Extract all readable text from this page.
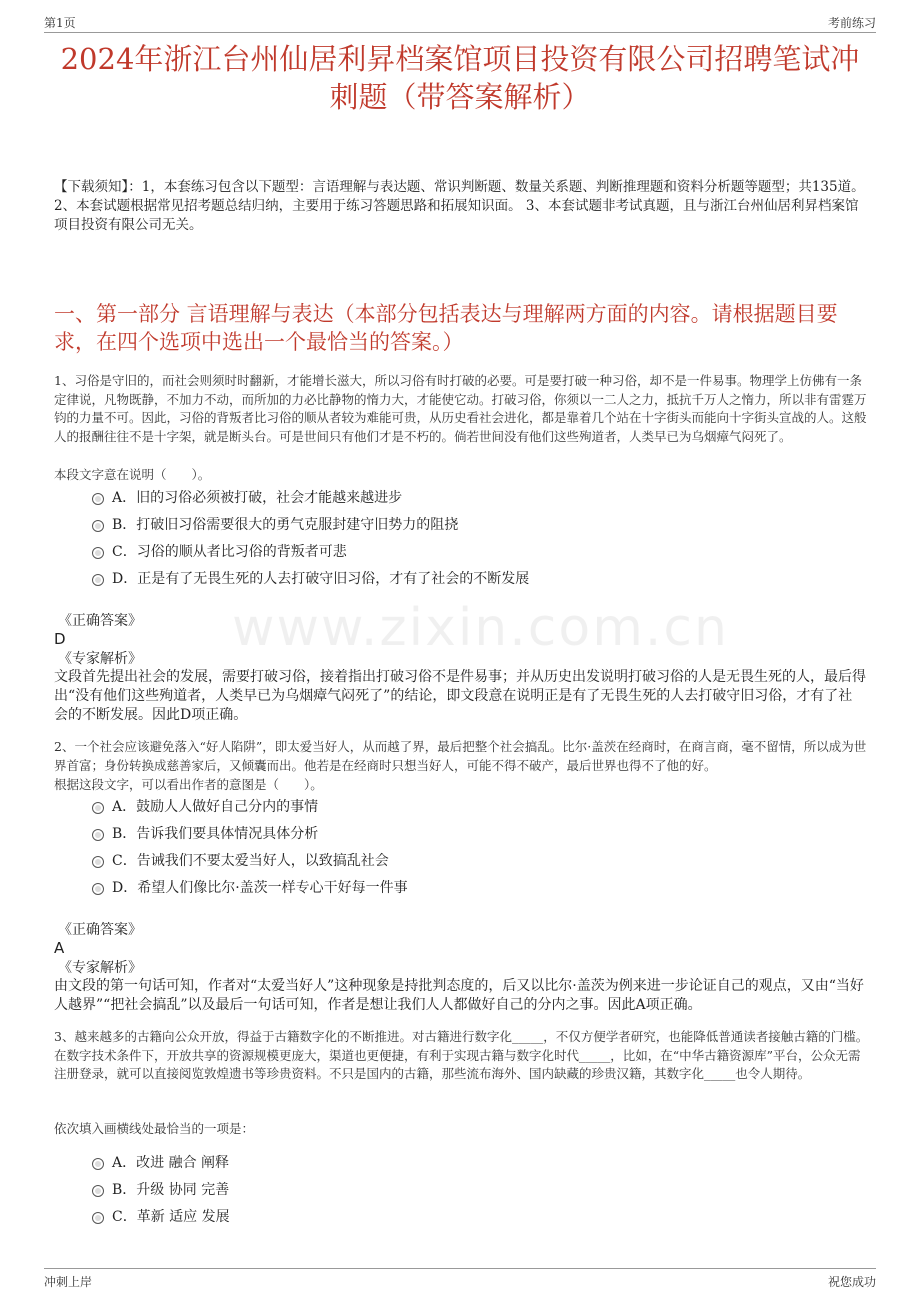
第1页	考前练习
2024年浙江台州仙居利昇档案馆项目投资有限公司招聘笔试冲刺题（带答案解析）
【下载须知】：1，本套练习包含以下题型：言语理解与表达题、常识判断题、数量关系题、判断推理题和资料分析题等题型；共135道。 2、本套试题根据常见招考题总结归纳，主要用于练习答题思路和拓展知识面。 3、本套试题非考试真题，且与浙江台州仙居利昇档案馆项目投资有限公司无关。
一、第一部分 言语理解与表达（本部分包括表达与理解两方面的内容。请根据题目要求，在四个选项中选出一个最恰当的答案。）
1、习俗是守旧的，而社会则须时时翻新，才能增长滋大，所以习俗有时打破的必要。可是要打破一种习俗，却不是一件易事。物理学上仿佛有一条定律说，凡物既静，不加力不动，而所加的力必比静物的惰力大，才能使它动。打破习俗，你须以一二人之力，抵抗千万人之惰力，所以非有雷霆万钧的力量不可。因此，习俗的背叛者比习俗的顺从者较为难能可贵，从历史看社会进化，都是靠着几个站在十字街头而能向十字街头宣战的人。这般人的报酬往往不是十字架，就是断头台。可是世间只有他们才是不朽的。倘若世间没有他们这些殉道者，人类早已为乌烟瘴气闷死了。
本段文字意在说明（　　）。
A．旧的习俗必须被打破，社会才能越来越进步
B．打破旧习俗需要很大的勇气克服封建守旧势力的阻挠
C．习俗的顺从者比习俗的背叛者可悲
D．正是有了无畏生死的人去打破守旧习俗，才有了社会的不断发展
《正确答案》
D
《专家解析》
文段首先提出社会的发展，需要打破习俗，接着指出打破习俗不是件易事；并从历史出发说明打破习俗的人是无畏生死的人，最后得出“没有他们这些殉道者，人类早已为乌烟瘴气闷死了”的结论，即文段意在说明正是有了无畏生死的人去打破守旧习俗，才有了社会的不断发展。因此D项正确。
2、一个社会应该避免落入“好人陷阱”，即太爱当好人，从而越了界，最后把整个社会搞乱。比尔·盖茨在经商时，在商言商，毫不留情，所以成为世界首富；身份转换成慈善家后，又倾囊而出。他若是在经商时只想当好人，可能不得不破产，最后世界也得不了他的好。
根据这段文字，可以看出作者的意图是（　　）。
A．鼓励人人做好自己分内的事情
B．告诉我们要具体情况具体分析
C．告诫我们不要太爱当好人，以致搞乱社会
D．希望人们像比尔·盖茨一样专心干好每一件事
《正确答案》
A
《专家解析》
由文段的第一句话可知，作者对“太爱当好人”这种现象是持批判态度的，后又以比尔·盖茨为例来进一步论证自己的观点，又由“当好人越界”“把社会搞乱”以及最后一句话可知，作者是想让我们人人都做好自己的分内之事。因此A项正确。
3、越来越多的古籍向公众开放，得益于古籍数字化的不断推进。对古籍进行数字化_____，不仅方便学者研究，也能降低普通读者接触古籍的门槛。在数字技术条件下，开放共享的资源规模更庞大，渠道也更便捷，有利于实现古籍与数字化时代_____，比如，在“中华古籍资源库”平台，公众无需注册登录，就可以直接阅览敦煌遗书等珍贵资料。不只是国内的古籍，那些流布海外、国内缺藏的珍贵汉籍，其数字化_____也令人期待。
依次填入画横线处最恰当的一项是：
A．改进 融合 阐释
B．升级 协同 完善
C．革新 适应 发展
www.zixin.com.cn
冲刺上岸	祝您成功
